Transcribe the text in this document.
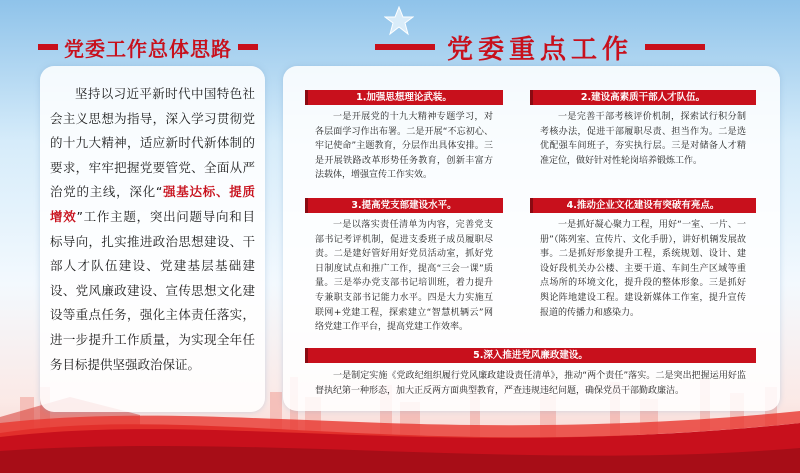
党委工作总体思路	党委重点工作
坚持以习近平新时代中国特色社会主义思想为指导，深入学习贯彻党的十九大精神，适应新时代新体制的要求，牢牢把握党要管党、全面从严治党的主线，深化“强基达标、提质增效”工作主题，突出问题导向和目标导向，扎实推进政治思想建设、干部人才队伍建设、党建基层基础建设、党风廉政建设、宣传思想文化建设等重点任务，强化主体责任落实，进一步提升工作质量，为实现全年任务目标提供坚强政治保证。
1.加强思想理论武装。
一是开展党的十九大精神专题学习，对各层面学习作出布署。二是开展“不忘初心、牢记使命”主题教育，分层作出具体安排。三是开展铁路改革形势任务教育，创新丰富方法载体，增强宣传工作实效。
2.建设高素质干部人才队伍。
一是完善干部考核评价机制，探索试行积分制考核办法，促进干部履职尽责、担当作为。二是选优配强车间班子，夯实执行层。三是对储备人才精准定位，做好针对性轮岗培养锻炼工作。
3.提高党支部建设水平。
一是以落实责任清单为内容，完善党支部书记考评机制，促进支委班子成员履职尽责。二是建好管好用好党员活动室，抓好党日制度试点和推广工作，提高“三会一课”质量。三是举办党支部书记培训班，着力提升专兼职支部书记能力水平。四是大力实施互联网+党建工程，探索建立“智慧机辆云”网络党建工作平台，提高党建工作效率。
4.推动企业文化建设有突破有亮点。
一是抓好凝心聚力工程，用好“一室、一片、一册”（陈列室、宣传片、文化手册），讲好机辆发展故事。二是抓好形象提升工程，系统规划、设计、建设好段机关办公楼、主要干道、车间生产区域等重点场所的环境文化，提升段的整体形象。三是抓好舆论阵地建设工程。建设新媒体工作室，提升宣传报道的传播力和感染力。
5.深入推进党风廉政建设。
一是制定实施《党政纪组织履行党风廉政建设责任清单》，推动“两个责任”落实。二是突出把握运用好监督执纪第一种形态，加大正反两方面典型教育，严查违规违纪问题，确保党员干部勤政廉洁。
